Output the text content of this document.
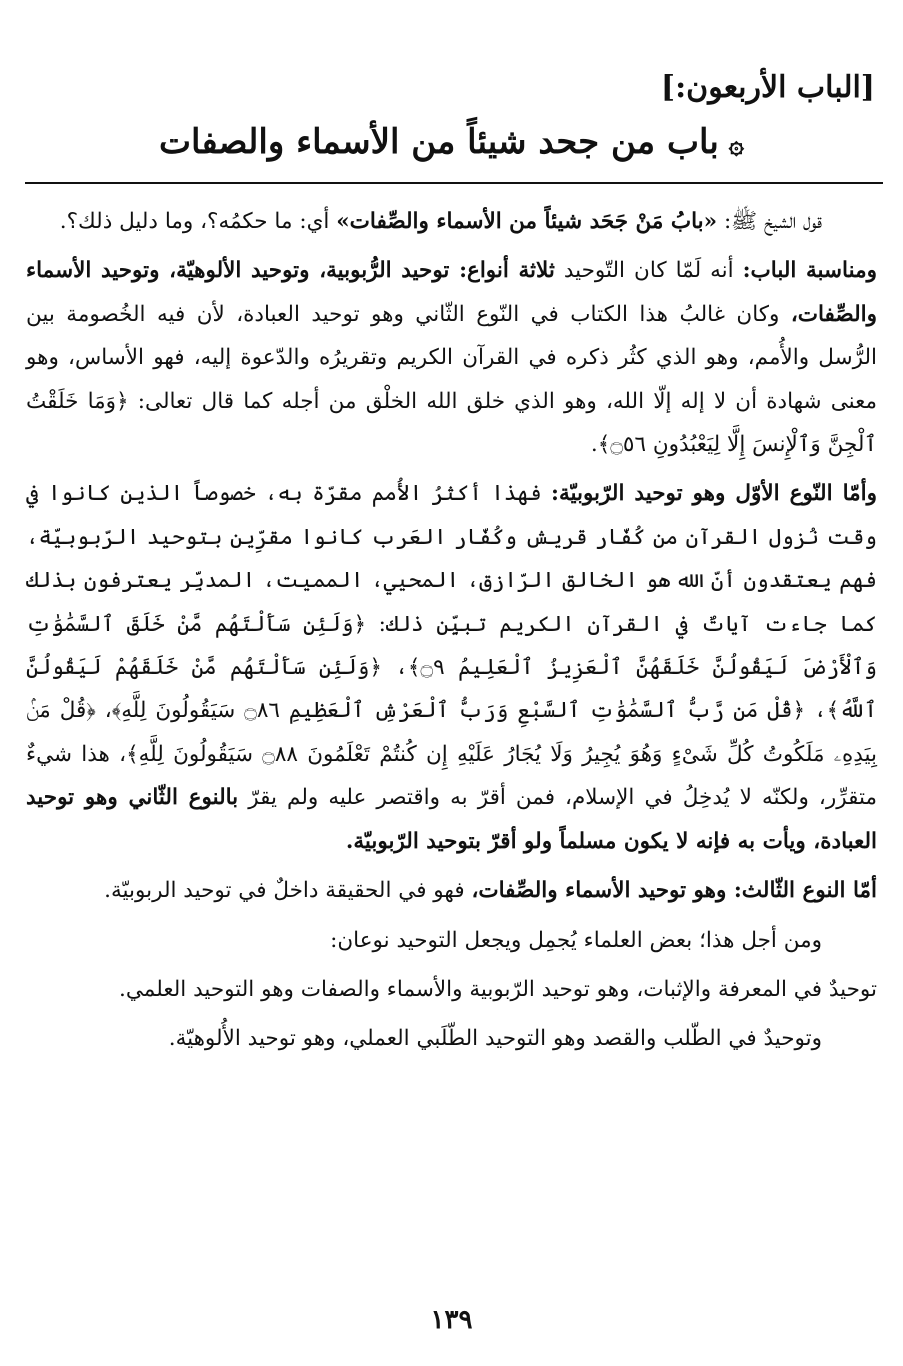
[الباب الأربعون:]
۞باب من جحد شيئاً من الأسماء والصفات

قول الشيخ ﷺ: «بابُ مَنْ جَحَد شيئاً من الأسماء والصِّفات» أي: ما حكمُه؟، وما دليل ذلك؟.

ومناسبة الباب: أنه لَمّا كان التّوحيد ثلاثة أنواع: توحيد الرُّبوبية، وتوحيد الألوهيّة، وتوحيد الأسماء والصِّفات، وكان غالبُ هذا الكتاب في النّوع الثّاني وهو توحيد العبادة، لأن فيه الخُصومة بين الرُّسل والأُمم، وهو الذي كثُر ذكره في القرآن الكريم وتقريرُه والدّعوة إليه، فهو الأساس، وهو معنى شهادة أن لا إله إلّا الله، وهو الذي خلق الله الخلْق من أجله كما قال تعالى: ﴿وَمَا خَلَقْتُ ٱلْجِنَّ وَٱلْإِنسَ إِلَّا لِيَعْبُدُونِ ۝٥٦﴾.

وأمّا النّوع الأوّل وهو توحيد الرّبوبيّة: فهذا أكثرُ الأُمم مقرّة به، خصوصاً الذين كانوا في وقت نُزول القرآن من كُفّار قريش وكُفّار العَرب كانوا مقرِّين بتوحيد الرّبوبيّة، فهم يعتقدون أنّ الله هو الخالق الرّازق، المحيي، المميت، المدبِّر يعترفون بذلك كما جاءت آياتٌ في القرآن الكريم تبيِّن ذلك: ﴿وَلَئِن سَأَلْتَهُم مَّنْ خَلَقَ ٱلسَّمَٰوَٰتِ وَٱلْأَرْضَ لَيَقُولُنَّ خَلَقَهُنَّ ٱلْعَزِيزُ ٱلْعَلِيمُ ۝٩﴾، ﴿وَلَئِن سَأَلْتَهُم مَّنْ خَلَقَهُمْ لَيَقُولُنَّ ٱللَّهُ﴾، ﴿قُلْ مَن رَّبُّ ٱلسَّمَٰوَٰتِ ٱلسَّبْعِ وَرَبُّ ٱلْعَرْشِ ٱلْعَظِيمِ ۝٨٦ سَيَقُولُونَ لِلَّهِ﴾، ﴿قُلْ مَنۢ بِيَدِهِۦ مَلَكُوتُ كُلِّ شَىْءٍ وَهُوَ يُجِيرُ وَلَا يُجَارُ عَلَيْهِ إِن كُنتُمْ تَعْلَمُونَ ۝٨٨ سَيَقُولُونَ لِلَّهِ﴾، هذا شيءٌ متقرِّر، ولكنّه لا يُدخِلُ في الإسلام، فمن أقرّ به واقتصر عليه ولم يقرّ بالنوع الثّاني وهو توحيد العبادة، ويأت به فإنه لا يكون مسلماً ولو أقرّ بتوحيد الرّبوبيّة.

أمّا النوع الثّالث: وهو توحيد الأسماء والصِّفات، فهو في الحقيقة داخلٌ في توحيد الربوبيّة.

ومن أجل هذا؛ بعض العلماء يُجمِل ويجعل التوحيد نوعان:

توحيدٌ في المعرفة والإثبات، وهو توحيد الرّبوبية والأسماء والصفات وهو التوحيد العلمي.

وتوحيدٌ في الطّلب والقصد وهو التوحيد الطّلَبي العملي، وهو توحيد الأُلوهيّة.

١٣٩
